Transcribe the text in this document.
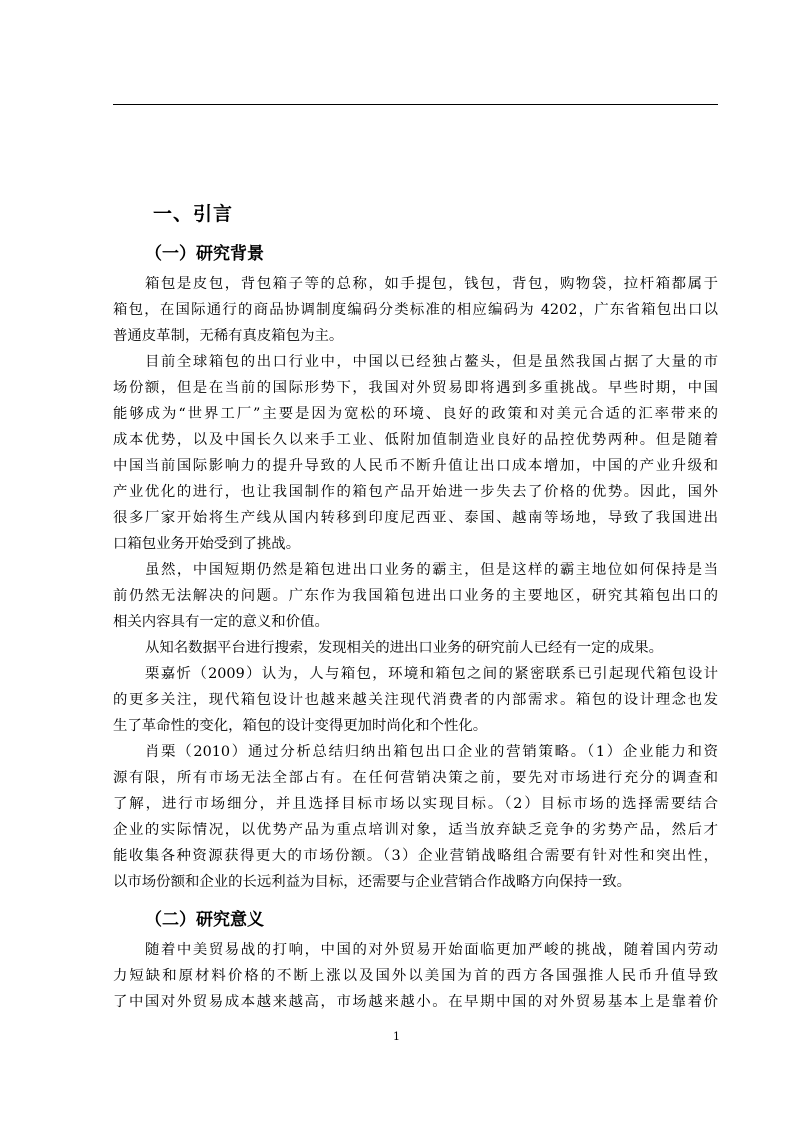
一、引言
（一）研究背景

箱包是皮包，背包箱子等的总称，如手提包，钱包，背包，购物袋，拉杆箱都属于

箱包，在国际通行的商品协调制度编码分类标准的相应编码为 4202，广东省箱包出口以

普通皮革制，无稀有真皮箱包为主。

目前全球箱包的出口行业中，中国以已经独占鳌头，但是虽然我国占据了大量的市

场份额，但是在当前的国际形势下，我国对外贸易即将遇到多重挑战。早些时期，中国

能够成为“世界工厂”主要是因为宽松的环境、良好的政策和对美元合适的汇率带来的

成本优势，以及中国长久以来手工业、低附加值制造业良好的品控优势两种。但是随着

中国当前国际影响力的提升导致的人民币不断升值让出口成本增加，中国的产业升级和

产业优化的进行，也让我国制作的箱包产品开始进一步失去了价格的优势。因此，国外

很多厂家开始将生产线从国内转移到印度尼西亚、泰国、越南等场地，导致了我国进出

口箱包业务开始受到了挑战。

虽然，中国短期仍然是箱包进出口业务的霸主，但是这样的霸主地位如何保持是当

前仍然无法解决的问题。广东作为我国箱包进出口业务的主要地区，研究其箱包出口的

相关内容具有一定的意义和价值。

从知名数据平台进行搜索，发现相关的进出口业务的研究前人已经有一定的成果。

栗嘉忻（2009）认为，人与箱包，环境和箱包之间的紧密联系已引起现代箱包设计

的更多关注，现代箱包设计也越来越关注现代消费者的内部需求。箱包的设计理念也发

生了革命性的变化，箱包的设计变得更加时尚化和个性化。

肖栗（2010）通过分析总结归纳出箱包出口企业的营销策略。（1）企业能力和资

源有限，所有市场无法全部占有。在任何营销决策之前，要先对市场进行充分的调查和

了解，进行市场细分，并且选择目标市场以实现目标。（2）目标市场的选择需要结合

企业的实际情况，以优势产品为重点培训对象，适当放弃缺乏竞争的劣势产品，然后才

能收集各种资源获得更大的市场份额。（3）企业营销战略组合需要有针对性和突出性，

以市场份额和企业的长远利益为目标，还需要与企业营销合作战略方向保持一致。

（二）研究意义

随着中美贸易战的打响，中国的对外贸易开始面临更加严峻的挑战，随着国内劳动

力短缺和原材料价格的不断上涨以及国外以美国为首的西方各国强推人民币升值导致

了中国对外贸易成本越来越高，市场越来越小。在早期中国的对外贸易基本上是靠着价

1
